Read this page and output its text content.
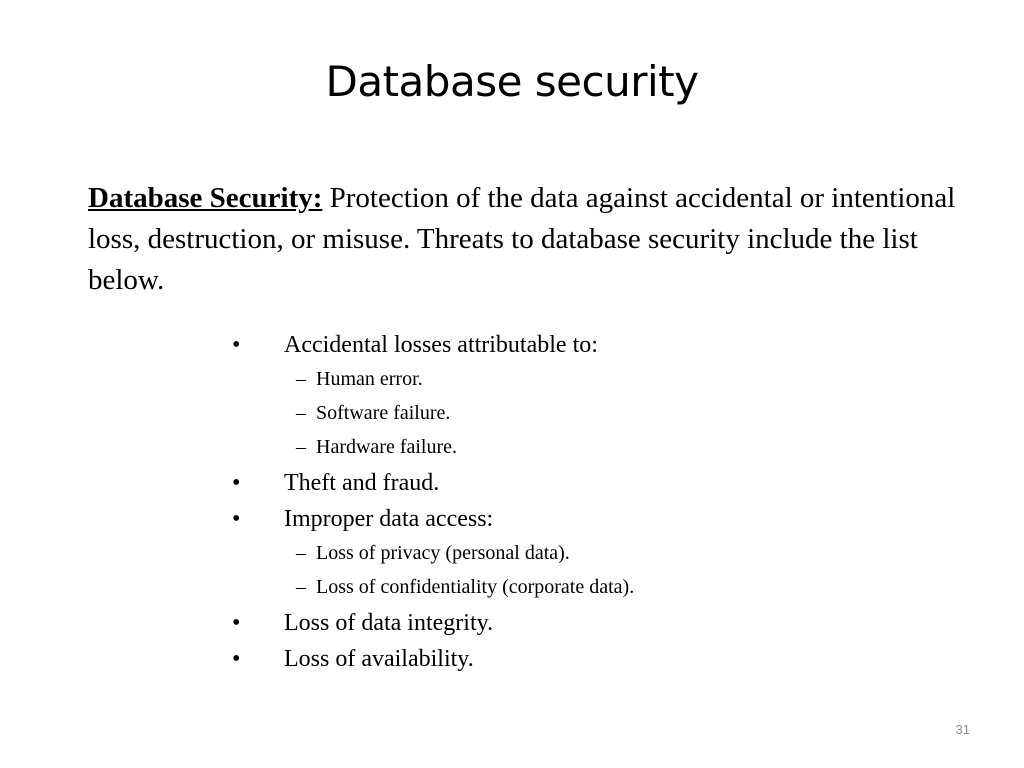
Database security
Database Security: Protection of the data against accidental or intentional loss, destruction, or misuse. Threats to database security include the list below.
•	Accidental losses attributable to:
– Human error.
– Software failure.
– Hardware failure.
•	Theft and fraud.
•	Improper data access:
– Loss of privacy (personal data).
– Loss of confidentiality (corporate data).
•	Loss of data integrity.
•	Loss of availability.
31
